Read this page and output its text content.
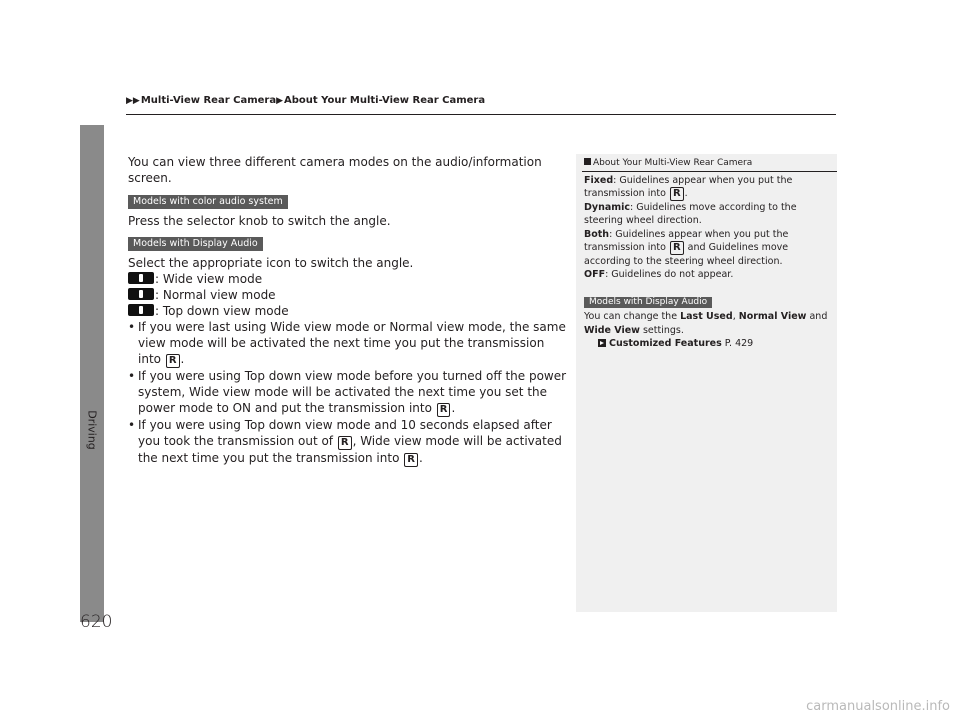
Driving
620
▶▶Multi-View Rear Camera▶About Your Multi-View Rear Camera

You can view three different camera modes on the audio/information screen.

Models with color audio system

Press the selector knob to switch the angle.

Models with Display Audio

Select the appropriate icon to switch the angle.

: Wide view mode

: Normal view mode

: Top down view mode

• If you were last using Wide view mode or Normal view mode, the same view mode will be activated the next time you put the transmission into R .

• If you were using Top down view mode before you turned off the power system, Wide view mode will be activated the next time you set the power mode to ON and put the transmission into R .

• If you were using Top down view mode and 10 seconds elapsed after you took the transmission out of R , Wide view mode will be activated the next time you put the transmission into R .

About Your Multi-View Rear Camera

Fixed: Guidelines appear when you put the transmission into R .

Dynamic: Guidelines move according to the steering wheel direction.

Both: Guidelines appear when you put the transmission into R and Guidelines move according to the steering wheel direction.

OFF: Guidelines do not appear.

Models with Display Audio

You can change the Last Used, Normal View and Wide View settings.

Customized Features P. 429

carmanualsonline.info
